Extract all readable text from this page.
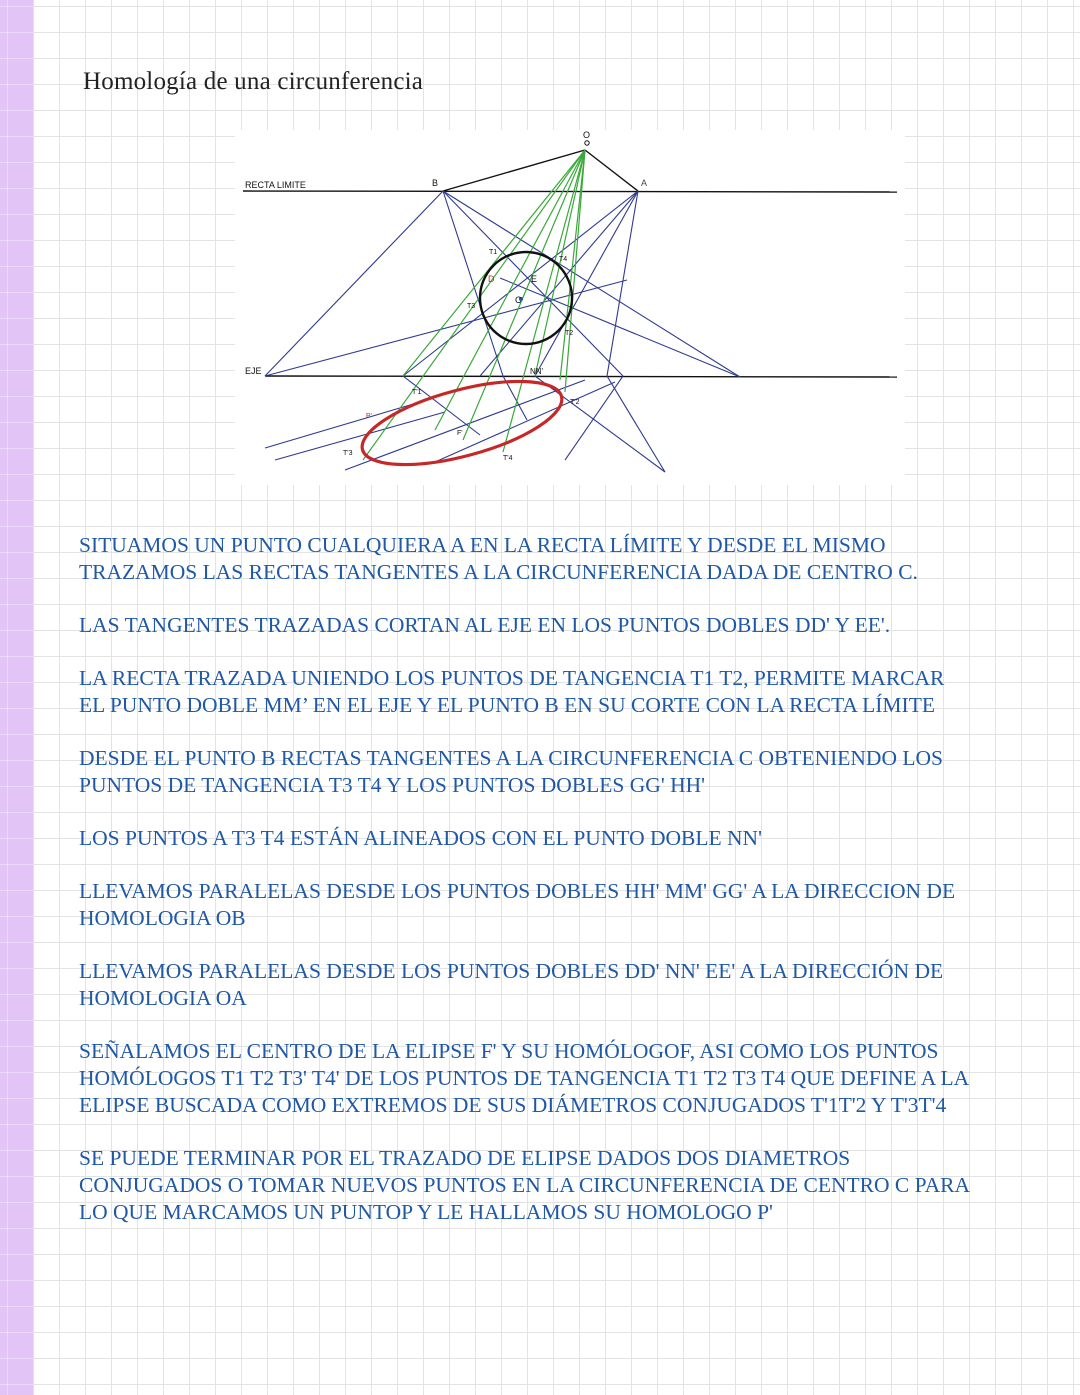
Homología de una circunferencia
RECTA LIMITE
EJE
O
B	A
C
E
D
T1
T4
T3
T2
NN'
T'1
T'2
P'
F'
T'3
T'4

SITUAMOS UN PUNTO CUALQUIERA A EN LA RECTA LÍMITE Y DESDE EL MISMO
TRAZAMOS LAS RECTAS TANGENTES A LA CIRCUNFERENCIA DADA DE CENTRO C.

LAS TANGENTES TRAZADAS CORTAN AL EJE EN LOS PUNTOS DOBLES DD' Y EE'.

LA RECTA TRAZADA UNIENDO LOS PUNTOS DE TANGENCIA T1 T2, PERMITE MARCAR
EL PUNTO DOBLE MM’ EN EL EJE Y EL PUNTO B EN SU CORTE CON LA RECTA LÍMITE

DESDE EL PUNTO B RECTAS TANGENTES A LA CIRCUNFERENCIA C OBTENIENDO LOS
PUNTOS DE TANGENCIA T3 T4 Y LOS PUNTOS DOBLES GG' HH'

LOS PUNTOS A T3 T4 ESTÁN ALINEADOS CON EL PUNTO DOBLE NN'

LLEVAMOS PARALELAS DESDE LOS PUNTOS DOBLES HH' MM' GG' A LA DIRECCION DE
HOMOLOGIA OB

LLEVAMOS PARALELAS DESDE LOS PUNTOS DOBLES DD' NN' EE' A LA DIRECCIÓN DE
HOMOLOGIA OA

SEÑALAMOS EL CENTRO DE LA ELIPSE F' Y SU HOMÓLOGOF, ASI COMO LOS PUNTOS
HOMÓLOGOS T1 T2 T3' T4' DE LOS PUNTOS DE TANGENCIA T1 T2 T3 T4 QUE DEFINE A LA
ELIPSE BUSCADA COMO EXTREMOS DE SUS DIÁMETROS CONJUGADOS T'1T'2 Y T'3T'4

SE PUEDE TERMINAR POR EL TRAZADO DE ELIPSE DADOS DOS DIAMETROS
CONJUGADOS O TOMAR NUEVOS PUNTOS EN LA CIRCUNFERENCIA DE CENTRO C PARA
LO QUE MARCAMOS UN PUNTOP Y LE HALLAMOS SU HOMOLOGO P'
